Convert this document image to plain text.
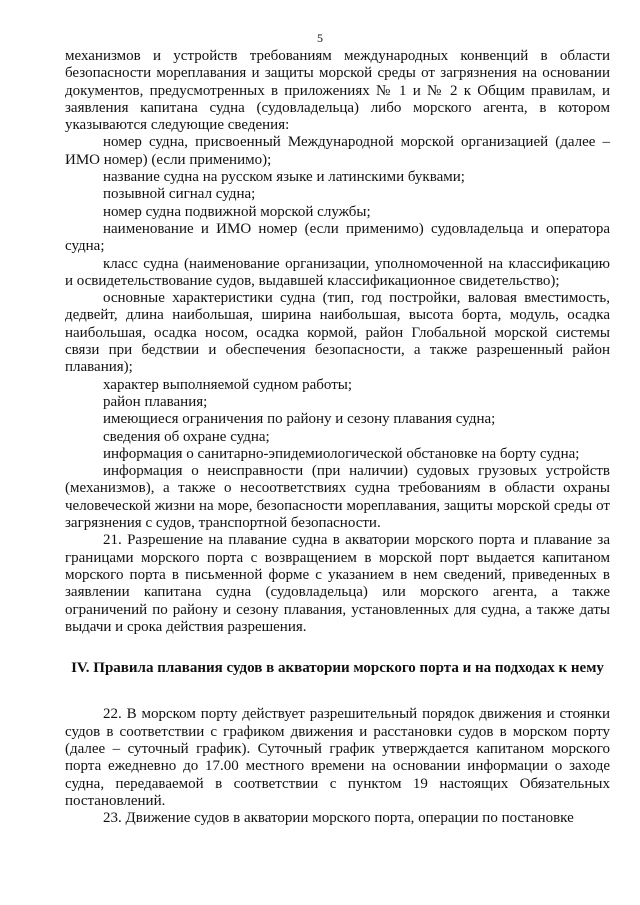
5

механизмов и устройств требованиям международных конвенций в области безопасности мореплавания и защиты морской среды от загрязнения на основании документов, предусмотренных в приложениях № 1 и № 2 к Общим правилам, и заявления капитана судна (судовладельца) либо морского агента, в котором указываются следующие сведения:

номер судна, присвоенный Международной морской организацией (далее – ИМО номер) (если применимо);

название судна на русском языке и латинскими буквами;

позывной сигнал судна;

номер судна подвижной морской службы;

наименование и ИМО номер (если применимо) судовладельца и оператора судна;

класс судна (наименование организации, уполномоченной на классификацию и освидетельствование судов, выдавшей классификационное свидетельство);

основные характеристики судна (тип, год постройки, валовая вместимость, дедвейт, длина наибольшая, ширина наибольшая, высота борта, модуль, осадка наибольшая, осадка носом, осадка кормой, район Глобальной морской системы связи при бедствии и обеспечения безопасности, а также разрешенный район плавания);

характер выполняемой судном работы;

район плавания;

имеющиеся ограничения по району и сезону плавания судна;

сведения об охране судна;

информация о санитарно-эпидемиологической обстановке на борту судна;

информация о неисправности (при наличии) судовых грузовых устройств (механизмов), а также о несоответствиях судна требованиям в области охраны человеческой жизни на море, безопасности мореплавания, защиты морской среды от загрязнения с судов, транспортной безопасности.

21. Разрешение на плавание судна в акватории морского порта и плавание за границами морского порта с возвращением в морской порт выдается капитаном морского порта в письменной форме с указанием в нем сведений, приведенных в заявлении капитана судна (судовладельца) или морского агента, а также ограничений по району и сезону плавания, установленных для судна, а также даты выдачи и срока действия разрешения.

IV. Правила плавания судов в акватории морского порта и на подходах к нему

22. В морском порту действует разрешительный порядок движения и стоянки судов в соответствии с графиком движения и расстановки судов в морском порту (далее – суточный график). Суточный график утверждается капитаном морского порта ежедневно до 17.00 местного времени на основании информации о заходе судна, передаваемой в соответствии с пунктом 19 настоящих Обязательных постановлений.

23. Движение судов в акватории морского порта, операции по постановке
